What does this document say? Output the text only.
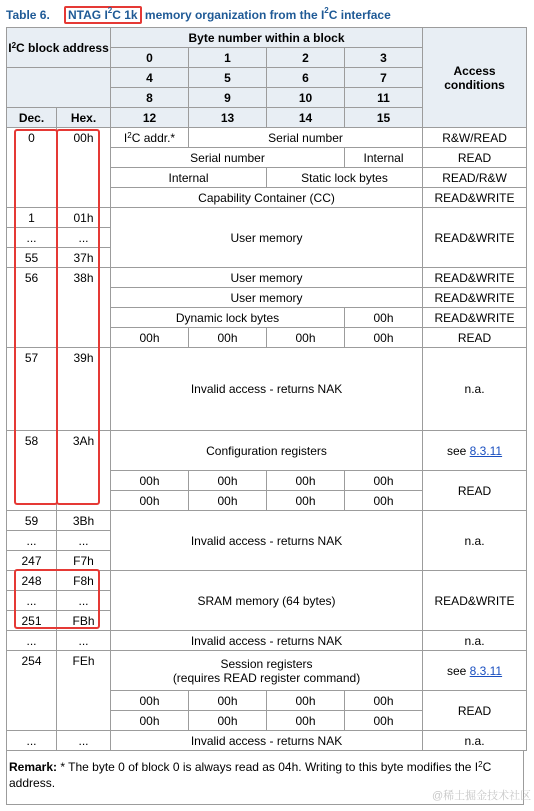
Table 6. NTAG $I^2C$ 1k memory organization from the $I^2C$ interface
$I^2C$ block address		Byte number within a block				Access conditions
		0	1	2	3	
		4	5	6	7	
		8	9	10	11	
Dec.	Hex.	12	13	14	15	
0	00h	$I^2C$ addr.*	Serial number			R&W/READ
		Serial number			Internal	READ
		Internal		Static lock bytes		READ/R&W
		Capability Container (CC)				READ&WRITE
1	01h	User memory				READ&WRITE
...	...					
55	37h					
56	38h	User memory				READ&WRITE
		User memory				READ&WRITE
		Dynamic lock bytes			00h	READ&WRITE
		00h	00h	00h	00h	READ
57	39h	Invalid access - returns NAK				n.a.
58	3Ah	Configuration registers				see 8.3.11
		00h	00h	00h	00h	READ
		00h	00h	00h	00h	
59	3Bh	Invalid access - returns NAK				n.a.
...	...					
247	F7h					
248	F8h	SRAM memory (64 bytes)				READ&WRITE
...	...					
251	FBh					
...	...	Invalid access - returns NAK				n.a.
254	FEh	Session registers
(requires READ register command)				see 8.3.11
		00h	00h	00h	00h	READ
		00h	00h	00h	00h	
...	...	Invalid access - returns NAK				n.a.
Remark: * The byte 0 of block 0 is always read as 04h. Writing to this byte modifies the $I^2C$ address.
@稀土掘金技术社区
